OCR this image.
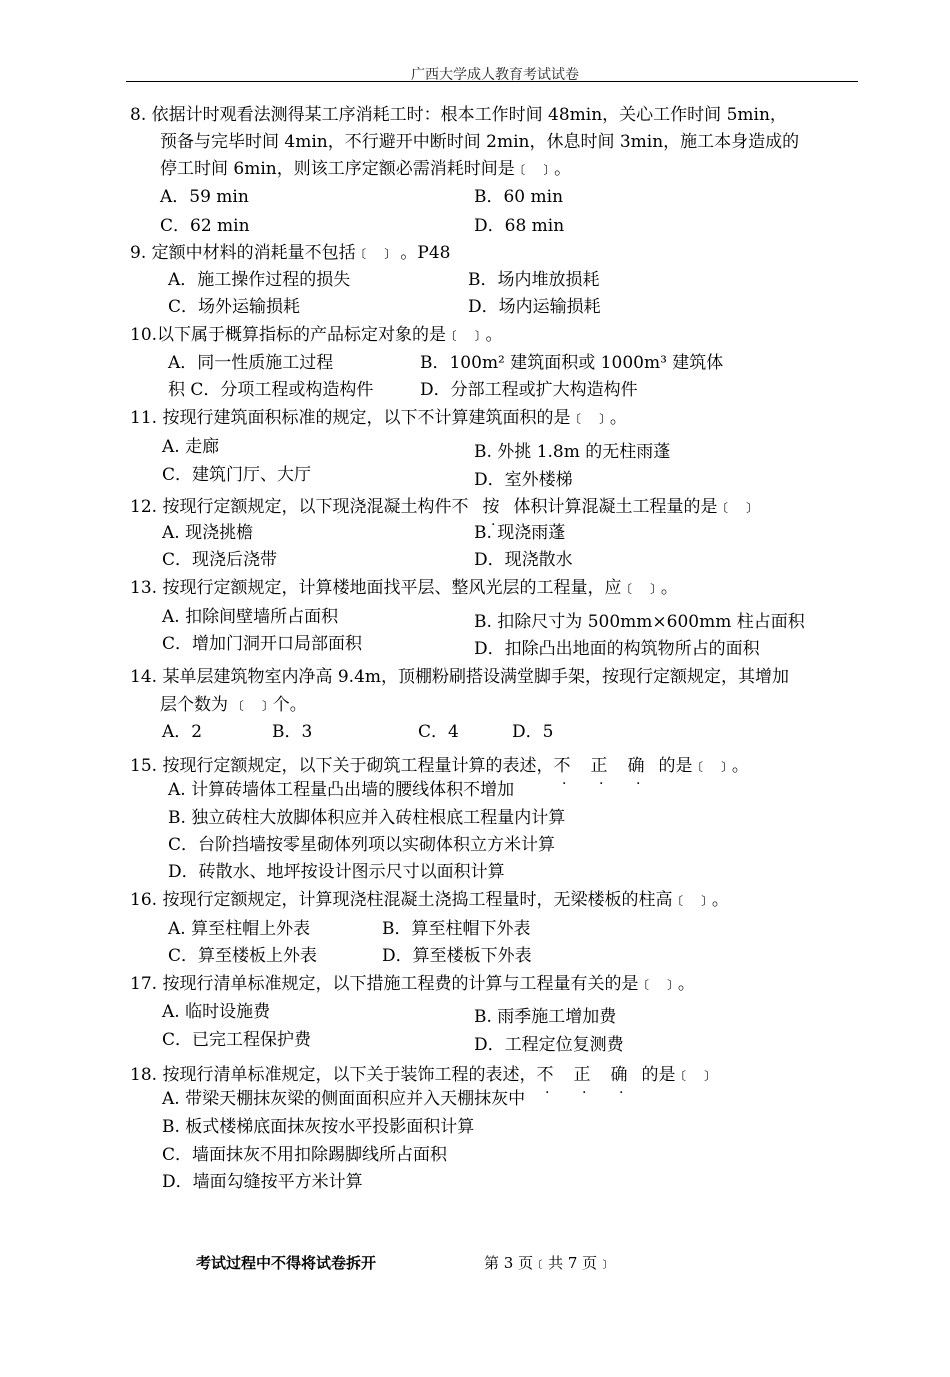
广西大学成人教育考试试卷
8. 依据计时观看法测得某工序消耗工时：根本工作时间 48min，关心工作时间 5min，
预备与完毕时间 4min，不行避开中断时间 2min，休息时间 3min，施工本身造成的
停工时间 6min，则该工序定额必需消耗时间是﹝ ﹞。
A．59 min	B．60 min
C．62 min	D．68 min
9. 定额中材料的消耗量不包括﹝ ﹞ 。P48
A．施工操作过程的损失	B．场内堆放损耗
C．场外运输损耗	D．场内运输损耗
10.以下属于概算指标的产品标定对象的是﹝ ﹞。
A．同一性质施工过程	B．100m² 建筑面积或 1000m³ 建筑体
积 C．分项工程或构造构件	D．分部工程或扩大构造构件
11. 按现行建筑面积标准的规定，以下不计算建筑面积的是﹝ ﹞。
A. 走廊	B. 外挑 1.8m 的无柱雨蓬
C．建筑门厅、大厅	D．室外楼梯
12. 按现行定额规定，以下现浇混凝土构件不 按 体积计算混凝土工程量的是﹝ ﹞
A. 现浇挑檐	B. 现浇雨蓬
C．现浇后浇带	D．现浇散水
13. 按现行定额规定，计算楼地面找平层、整风光层的工程量，应﹝ ﹞。
A. 扣除间壁墙所占面积	B. 扣除尺寸为 500mm×600mm 柱占面积
C．增加门洞开口局部面积	D．扣除凸出地面的构筑物所占的面积
14. 某单层建筑物室内净高 9.4m，顶棚粉刷搭设满堂脚手架，按现行定额规定，其增加
层个数为 ﹝ ﹞个。
A．2	B．3	C．4	D．5
15. 按现行定额规定，以下关于砌筑工程量计算的表述，不 正 确 的是﹝ ﹞。
A. 计算砖墙体工程量凸出墙的腰线体积不增加
B. 独立砖柱大放脚体积应并入砖柱根底工程量内计算
C．台阶挡墙按零星砌体列项以实砌体积立方米计算
D．砖散水、地坪按设计图示尺寸以面积计算
16. 按现行定额规定，计算现浇柱混凝土浇捣工程量时，无梁楼板的柱高﹝ ﹞。
A. 算至柱帽上外表	B．算至柱帽下外表
C．算至楼板上外表	D．算至楼板下外表
17. 按现行清单标准规定，以下措施工程费的计算与工程量有关的是﹝ ﹞。
A. 临时设施费	B. 雨季施工增加费
C．已完工程保护费	D．工程定位复测费
18. 按现行清单标准规定，以下关于装饰工程的表述，不 正 确 的是﹝ ﹞
A. 带梁天棚抹灰梁的侧面面积应并入天棚抹灰中
B. 板式楼梯底面抹灰按水平投影面积计算
C．墙面抹灰不用扣除踢脚线所占面积
D．墙面勾缝按平方米计算
考试过程中不得将试卷拆开	第 3 页﹝共 7 页﹞
